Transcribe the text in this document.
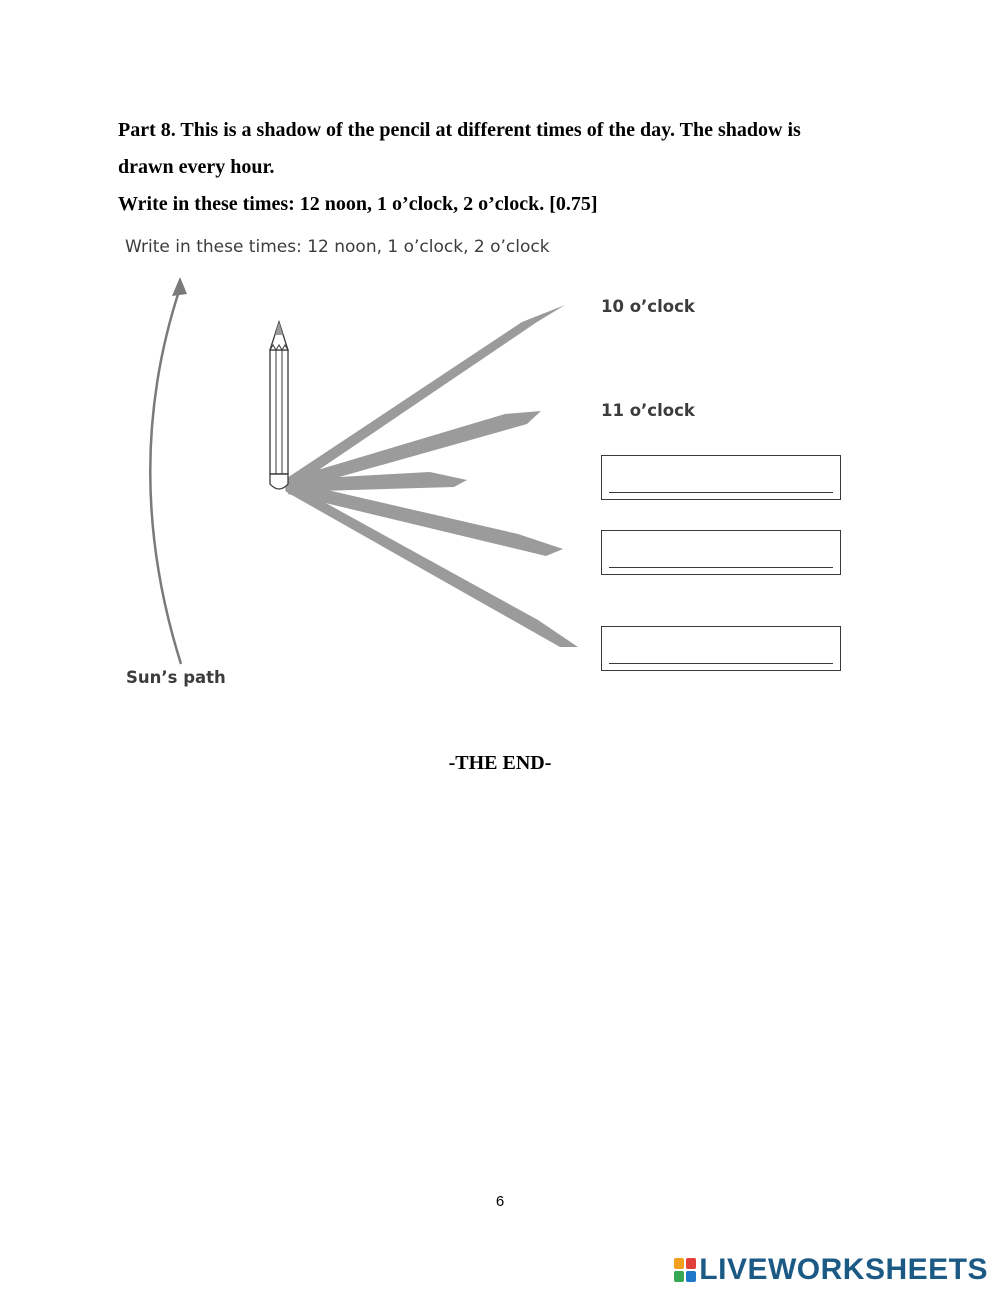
Part 8. This is a shadow of the pencil at different times of the day. The shadow is

drawn every hour.

Write in these times: 12 noon, 1 o’clock, 2 o’clock. [0.75]

Write in these times: 12 noon, 1 o’clock, 2 o’clock
10 o’clock
11 o’clock
Sun’s path
-THE END-
6
LIVEWORKSHEETS
